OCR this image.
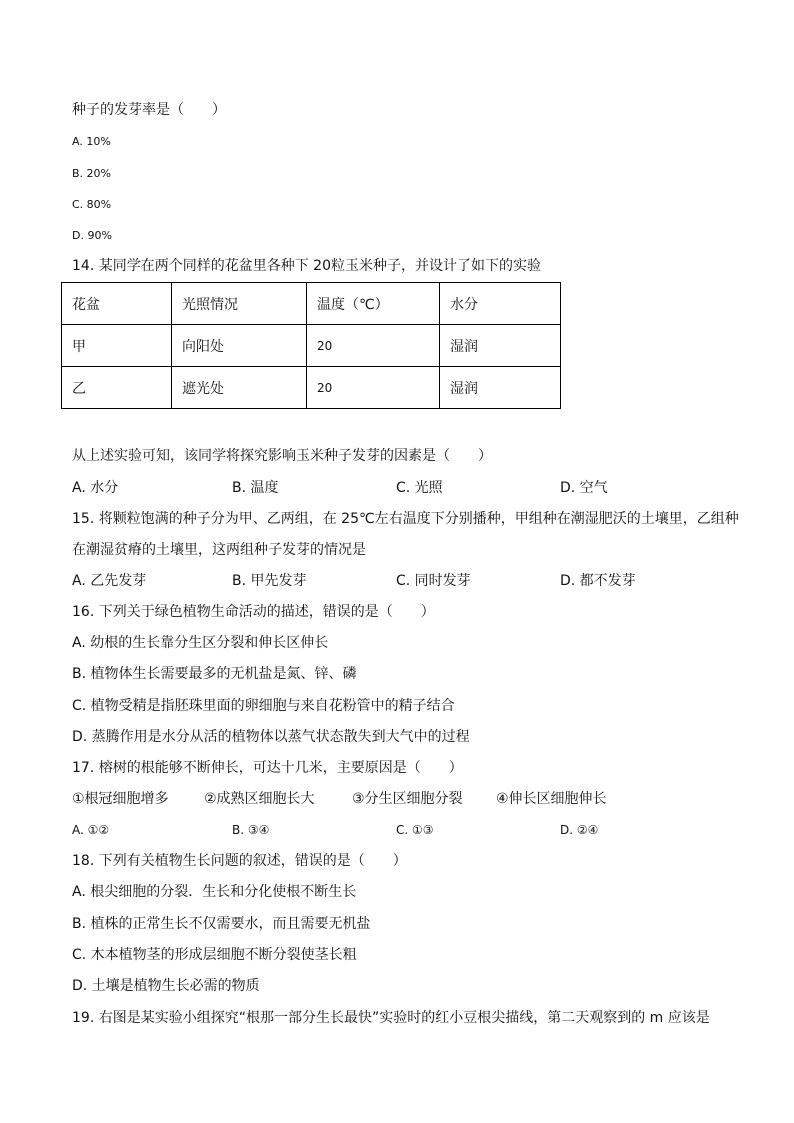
种子的发芽率是（　　）
A. 10%
B. 20%
C. 80%
D. 90%
14. 某同学在两个同样的花盆里各种下 20粒玉米种子，并设计了如下的实验
花盆	光照情况	温度（℃）	水分
甲	向阳处	20	湿润
乙	遮光处	20	湿润
从上述实验可知，该同学将探究影响玉米种子发芽的因素是（　　）
A. 水分	B. 温度	C. 光照	D. 空气
15. 将颗粒饱满的种子分为甲、乙两组，在 25℃左右温度下分别播种，甲组种在潮湿肥沃的土壤里，乙组种
在潮湿贫瘠的土壤里，这两组种子发芽的情况是
A. 乙先发芽	B. 甲先发芽	C. 同时发芽	D. 都不发芽
16. 下列关于绿色植物生命活动的描述，错误的是（　　）
A. 幼根的生长靠分生区分裂和伸长区伸长
B. 植物体生长需要最多的无机盐是氮、锌、磷
C. 植物受精是指胚珠里面的卵细胞与来自花粉管中的精子结合
D. 蒸腾作用是水分从活的植物体以蒸气状态散失到大气中的过程
17. 榕树的根能够不断伸长，可达十几米，主要原因是（　　）
①根冠细胞增多	②成熟区细胞长大	③分生区细胞分裂 ④伸长区细胞伸长
A. ①②	B. ③④	C. ①③	D. ②④
18. 下列有关植物生长问题的叙述，错误的是（　　）
A. 根尖细胞的分裂．生长和分化使根不断生长
B. 植株的正常生长不仅需要水，而且需要无机盐
C. 木本植物茎的形成层细胞不断分裂使茎长粗
D. 土壤是植物生长必需的物质
19. 右图是某实验小组探究“根那一部分生长最快”实验时的红小豆根尖描线，第二天观察到的 m 应该是
